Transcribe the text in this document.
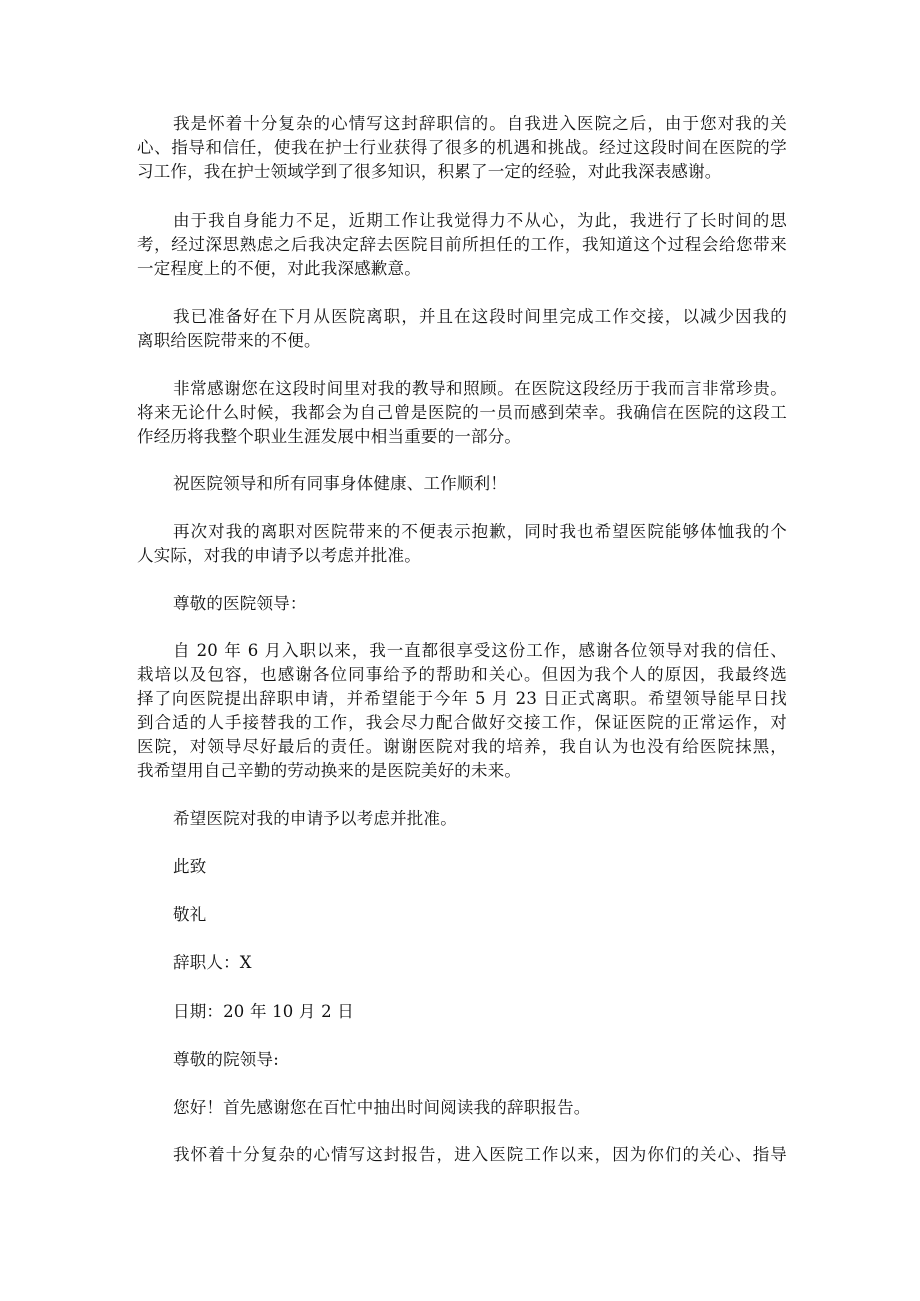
我是怀着十分复杂的心情写这封辞职信的。自我进入医院之后，由于您对我的关
心、指导和信任，使我在护士行业获得了很多的机遇和挑战。经过这段时间在医院的学
习工作，我在护士领域学到了很多知识，积累了一定的经验，对此我深表感谢。
由于我自身能力不足，近期工作让我觉得力不从心，为此，我进行了长时间的思
考，经过深思熟虑之后我决定辞去医院目前所担任的工作，我知道这个过程会给您带来
一定程度上的不便，对此我深感歉意。
我已准备好在下月从医院离职，并且在这段时间里完成工作交接，以减少因我的
离职给医院带来的不便。
非常感谢您在这段时间里对我的教导和照顾。在医院这段经历于我而言非常珍贵。
将来无论什么时候，我都会为自己曾是医院的一员而感到荣幸。我确信在医院的这段工
作经历将我整个职业生涯发展中相当重要的一部分。
祝医院领导和所有同事身体健康、工作顺利！
再次对我的离职对医院带来的不便表示抱歉，同时我也希望医院能够体恤我的个
人实际，对我的申请予以考虑并批准。
尊敬的医院领导：
自 20 年 6 月入职以来，我一直都很享受这份工作，感谢各位领导对我的信任、
栽培以及包容，也感谢各位同事给予的帮助和关心。但因为我个人的原因，我最终选
择了向医院提出辞职申请，并希望能于今年 5 月 23 日正式离职。希望领导能早日找
到合适的人手接替我的工作，我会尽力配合做好交接工作，保证医院的正常运作，对
医院，对领导尽好最后的责任。谢谢医院对我的培养，我自认为也没有给医院抹黑，
我希望用自己辛勤的劳动换来的是医院美好的未来。
希望医院对我的申请予以考虑并批准。
此致
敬礼
辞职人：X
日期：20 年 10 月 2 日
尊敬的院领导:
您好！首先感谢您在百忙中抽出时间阅读我的辞职报告。
我怀着十分复杂的心情写这封报告，进入医院工作以来，因为你们的关心、指导
